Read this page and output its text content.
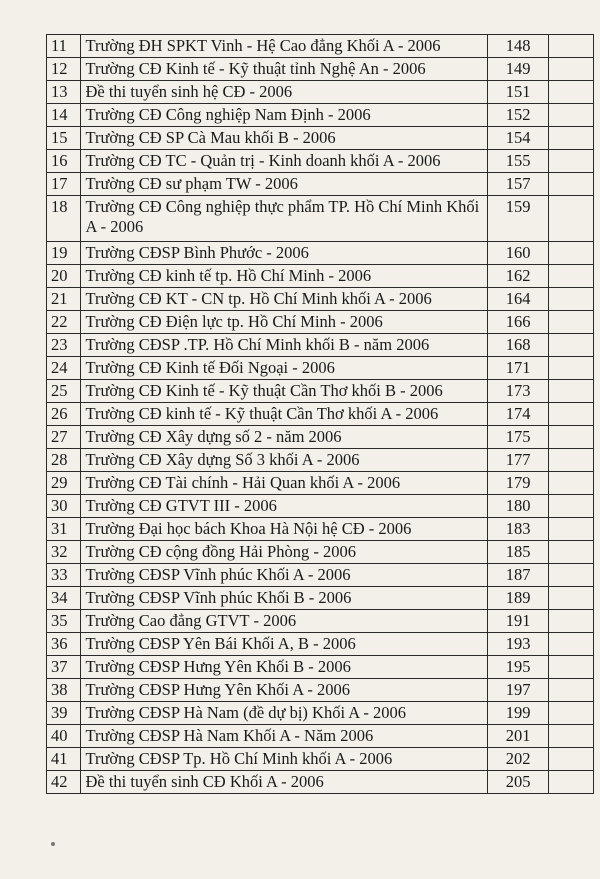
11	Trường ĐH SPKT Vinh - Hệ Cao đẳng Khối A - 2006	148	
12	Trường CĐ Kinh tế - Kỹ thuật tỉnh Nghệ An - 2006	149	
13	Đề thi tuyển sinh hệ CĐ - 2006	151	
14	Trường CĐ Công nghiệp Nam Định - 2006	152	
15	Trường CĐ SP Cà Mau khối B - 2006	154	
16	Trường CĐ TC - Quản trị - Kinh doanh khối A - 2006	155	
17	Trường CĐ sư phạm TW - 2006	157	
18	Trường CĐ Công nghiệp thực phẩm TP. Hồ Chí Minh Khối A - 2006	159	
19	Trường CĐSP Bình Phước - 2006	160	
20	Trường CĐ kinh tế tp. Hồ Chí Minh - 2006	162	
21	Trường CĐ KT - CN tp. Hồ Chí Minh khối A - 2006	164	
22	Trường CĐ Điện lực tp. Hồ Chí Minh - 2006	166	
23	Trường CĐSP .TP. Hồ Chí Minh khối B - năm 2006	168	
24	Trường CĐ Kinh tế Đối Ngoại - 2006	171	
25	Trường CĐ Kinh tế - Kỹ thuật Cần Thơ khối B - 2006	173	
26	Trường CĐ kinh tế - Kỹ thuật Cần Thơ khối A - 2006	174	
27	Trường CĐ Xây dựng số 2 - năm 2006	175	
28	Trường CĐ Xây dựng Số 3 khối A - 2006	177	
29	Trường CĐ Tài chính - Hải Quan khối A - 2006	179	
30	Trường CĐ GTVT III - 2006	180	
31	Trường Đại học bách Khoa Hà Nội hệ CĐ - 2006	183	
32	Trường CĐ cộng đồng Hải Phòng - 2006	185	
33	Trường CĐSP Vĩnh phúc Khối A - 2006	187	
34	Trường CĐSP Vĩnh phúc Khối B - 2006	189	
35	Trường Cao đẳng GTVT - 2006	191	
36	Trường CĐSP Yên Bái Khối A, B - 2006	193	
37	Trường CĐSP Hưng Yên Khối B - 2006	195	
38	Trường CĐSP Hưng Yên Khối A - 2006	197	
39	Trường CĐSP Hà Nam (đề dự bị) Khối A - 2006	199	
40	Trường CĐSP Hà Nam Khối A - Năm 2006	201	
41	Trường CĐSP Tp. Hồ Chí Minh khối A - 2006	202	
42	Đề thi tuyển sinh CĐ Khối A - 2006	205	
